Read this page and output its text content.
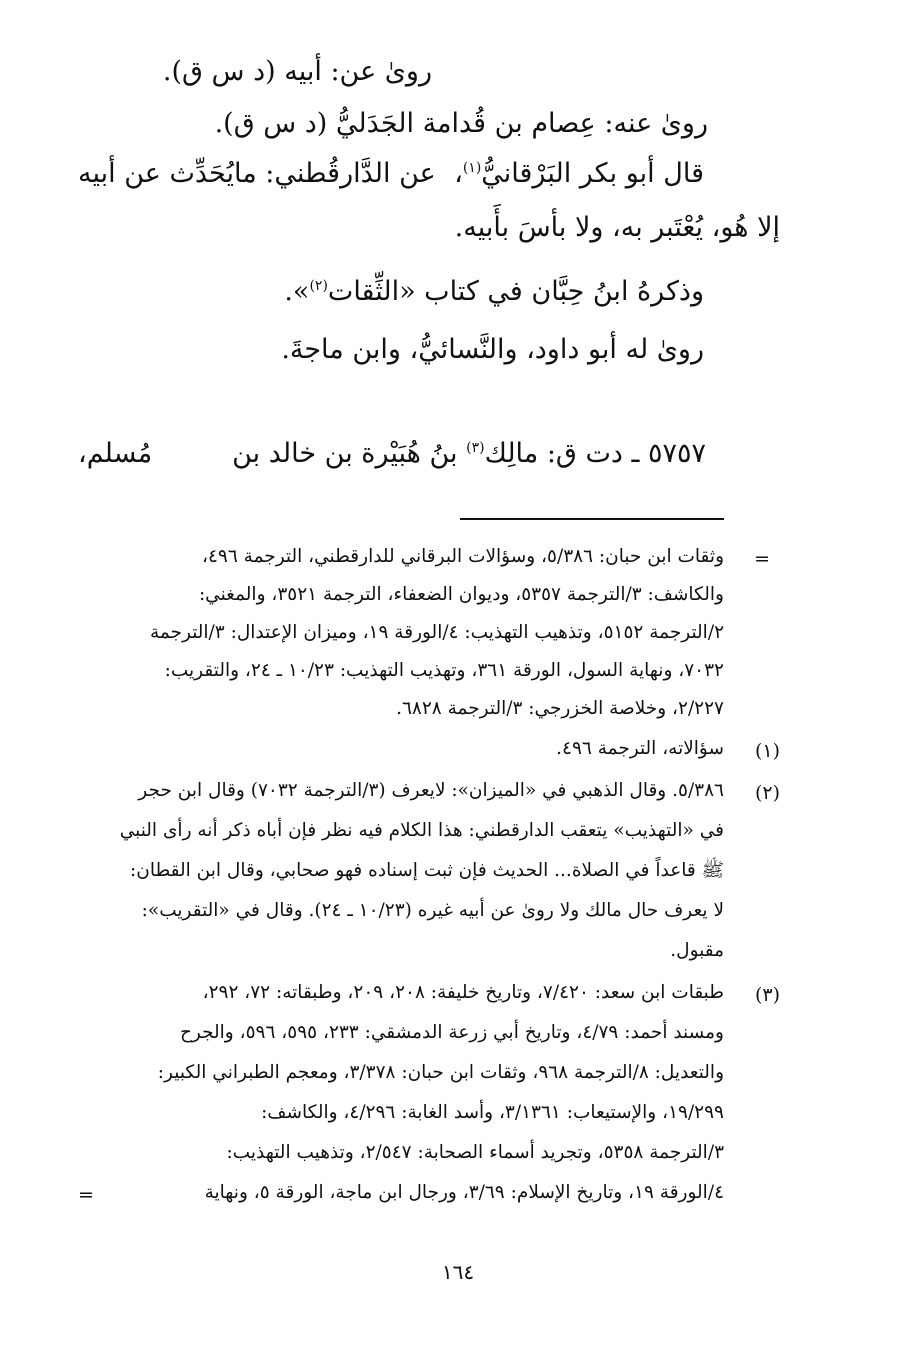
رویٰ عن: أبيه (د س ق).
رویٰ عنه: عِصام بن قُدامة الجَدَليُّ (د س ق).
قال أبو بكر البَرْقانيُّ$^{(١)}$،
عن الدَّارقُطني: مايُحَدِّث عن أبيه
إلا هُو، يُعْتَبر به، ولا بأسَ بأَبيه.
وذكرهُ ابنُ حِبَّان في كتاب «الثِّقات$^{(٢)}$».
رویٰ له أبو داود، والنَّسائيُّ، وابن ماجةَ.
٥٧٥٧ ـ دت ق: مالِك$^{(٣)}$ بنُ هُبَيْرة بن خالد بن
مُسلم،
=
وثقات ابن حبان: ٥/٣٨٦، وسؤالات البرقاني للدارقطني، الترجمة ٤٩٦،
والكاشف: ٣/الترجمة ٥٣٥٧، وديوان الضعفاء، الترجمة ٣٥٢١، والمغني:
٢/الترجمة ٥١٥٢، وتذهيب التهذيب: ٤/الورقة ١٩، وميزان الإعتدال: ٣/الترجمة
٧٠٣٢، ونهاية السول، الورقة ٣٦١، وتهذيب التهذيب: ١٠/٢٣ ـ ٢٤، والتقريب:
٢/٢٢٧، وخلاصة الخزرجي: ٣/الترجمة ٦٨٢٨.
(١)
سؤالاته، الترجمة ٤٩٦.
(٢)
٥/٣٨٦. وقال الذهبي في «الميزان»: لايعرف (٣/الترجمة ٧٠٣٢) وقال ابن حجر
في «التهذيب» يتعقب الدارقطني: هذا الكلام فيه نظر فإن أباه ذكر أنه رأى النبي
ﷺ قاعداً في الصلاة... الحديث فإن ثبت إسناده فهو صحابي، وقال ابن القطان:
لا يعرف حال مالك ولا روىٰ عن أبيه غيره (١٠/٢٣ ـ ٢٤). وقال في «التقريب»:
مقبول.
(٣)
طبقات ابن سعد: ٧/٤٢٠، وتاريخ خليفة: ٢٠٨، ٢٠٩، وطبقاته: ٧٢، ٢٩٢،
ومسند أحمد: ٤/٧٩، وتاريخ أبي زرعة الدمشقي: ٢٣٣، ٥٩٥، ٥٩٦، والجرح
والتعديل: ٨/الترجمة ٩٦٨، وثقات ابن حبان: ٣/٣٧٨، ومعجم الطبراني الكبير:
١٩/٢٩٩، والإستيعاب: ٣/١٣٦١، وأسد الغابة: ٤/٢٩٦، والكاشف:
٣/الترجمة ٥٣٥٨، وتجريد أسماء الصحابة: ٢/٥٤٧، وتذهيب التهذيب:
٤/الورقة ١٩، وتاريخ الإسلام: ٣/٦٩، ورجال ابن ماجة، الورقة ٥، ونهاية
=
١٦٤
